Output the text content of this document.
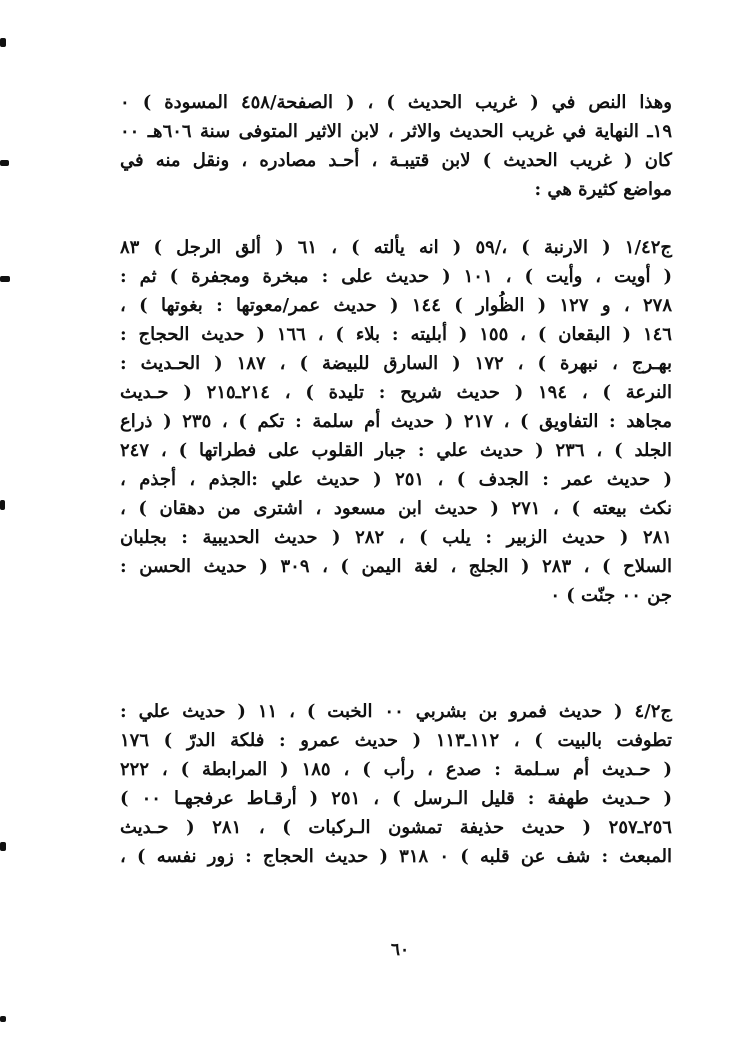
وهذا النص في ( غريب الحديث ) ، ( الصفحة/٤٥٨ المسودة ) ٠
١٩ـ النهاية في غريب الحديث والاثر ، لابن الاثير المتوفى سنة ٦٠٦هـ ٠٠
كان ( غريب الحديث ) لابن قتيبـة ، أحـد مصادره ، ونقل منه في
مواضع كثيرة هي :
ج١/٤٢ ( الارنبة ) ،/٥٩ ( انه يألته ) ، ٦١ ( ألق الرجل ) ٨٣
( أويت ، وأيت ) ، ١٠١ ( حديث على : مبخرة ومجفرة ) ثم :
٢٧٨ ، و ١٢٧ ( الظُوار ) ١٤٤ ( حديث عمر/معوتها : بغوتها ) ،
١٤٦ ( البقعان ) ، ١٥٥ ( أبليته : بلاء ) ، ١٦٦ ( حديث الحجاج :
بهـرج ، نبهرة ) ، ١٧٢ ( السارق للبيضة ) ، ١٨٧ ( الحـديث :
النرعة ) ، ١٩٤ ( حديث شريح : تليدة ) ، ٢١٤ـ٢١٥ ( حـديث
مجاهد : التفاويق ) ، ٢١٧ ( حديث أم سلمة : تكم ) ، ٢٣٥ ( ذراع
الجلد ) ، ٢٣٦ ( حديث علي : جبار القلوب على فطراتها ) ، ٢٤٧
( حديث عمر : الجدف ) ، ٢٥١ ( حديث علي :الجذم ، أجذم ،
نكث بيعته ) ، ٢٧١ ( حديث ابن مسعود ، اشترى من دهقان ) ،
٢٨١ ( حديث الزبير : يلب ) ، ٢٨٢ ( حديث الحديبية : بجلبان
السلاح ) ، ٢٨٣ ( الجلج ، لغة اليمن ) ، ٣٠٩ ( حديث الحسن :
جن ٠٠ جنّت ) ٠
ج٤/٢ ( حديث فمرو بن بشربي ٠٠ الخبت ) ، ١١ ( حديث علي :
تطوفت بالبيت ) ، ١١٢ـ١١٣ ( حديث عمرو : فلكة الدرّ ) ١٧٦
( حـديث أم سـلمة : صدع ، رأب ) ، ١٨٥ ( المرابطة ) ، ٢٢٢
( حـديث طهفة : قليل الـرسل ) ، ٢٥١ ( أرقـاط عرفجهـا ٠٠ )
٢٥٦ـ٢٥٧ ( حديث حذيفة تمشون الـركبات ) ، ٢٨١ ( حـديث
المبعث : شف عن قلبه ) ٠ ٣١٨ ( حديث الحجاج : زور نفسه ) ،
٦٠
